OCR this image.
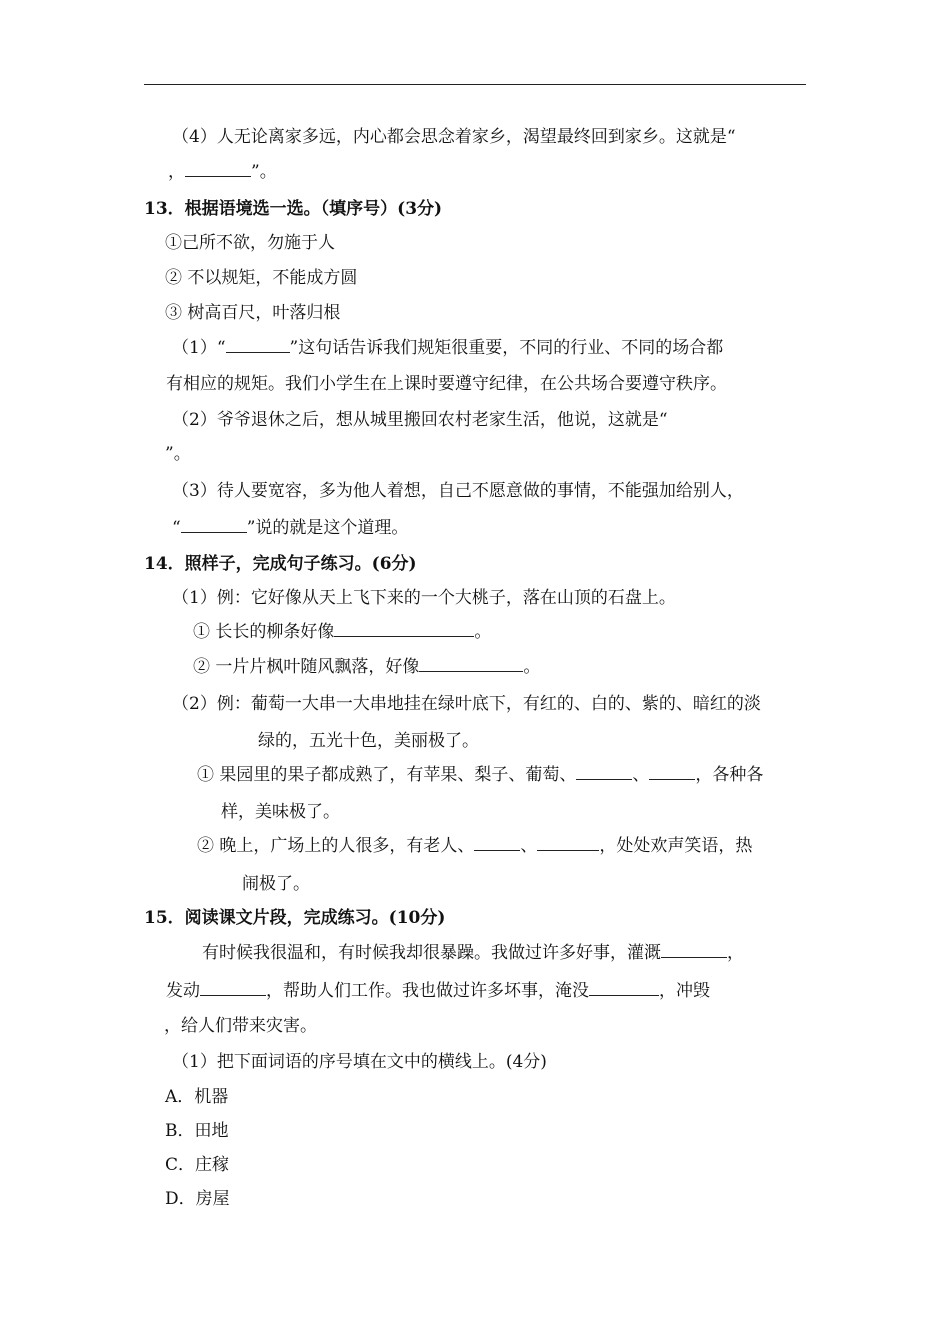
（4）人无论离家多远，内心都会思念着家乡，渴望最终回到家乡。这就是“
，	”。
13．根据语境选一选。（填序号）(3分)
①己所不欲，勿施于人
② 不以规矩，不能成方圆
③ 树高百尺，叶落归根
（1）“	”这句话告诉我们规矩很重要，不同的行业、不同的场合都
有相应的规矩。我们小学生在上课时要遵守纪律，在公共场合要遵守秩序。
（2）爷爷退休之后，想从城里搬回农村老家生活，他说，这就是“
”。
（3）待人要宽容，多为他人着想，自己不愿意做的事情，不能强加给别人，
“	”说的就是这个道理。
14．照样子，完成句子练习。(6分)
（1）例：它好像从天上飞下来的一个大桃子，落在山顶的石盘上。
① 长长的柳条好像	。
② 一片片枫叶随风飘落，好像	。
（2）例：葡萄一大串一大串地挂在绿叶底下，有红的、白的、紫的、暗红的淡
绿的，五光十色，美丽极了。
① 果园里的果子都成熟了，有苹果、梨子、葡萄、	、	，各种各
样，美味极了。
② 晚上，广场上的人很多，有老人、	、	，处处欢声笑语，热
闹极了。
15．阅读课文片段，完成练习。(10分)
有时候我很温和，有时候我却很暴躁。我做过许多好事，灌溉	，
发动	，帮助人们工作。我也做过许多坏事，淹没	，冲毁
，给人们带来灾害。
（1）把下面词语的序号填在文中的横线上。(4分)
A．机器
B．田地
C．庄稼
D．房屋
